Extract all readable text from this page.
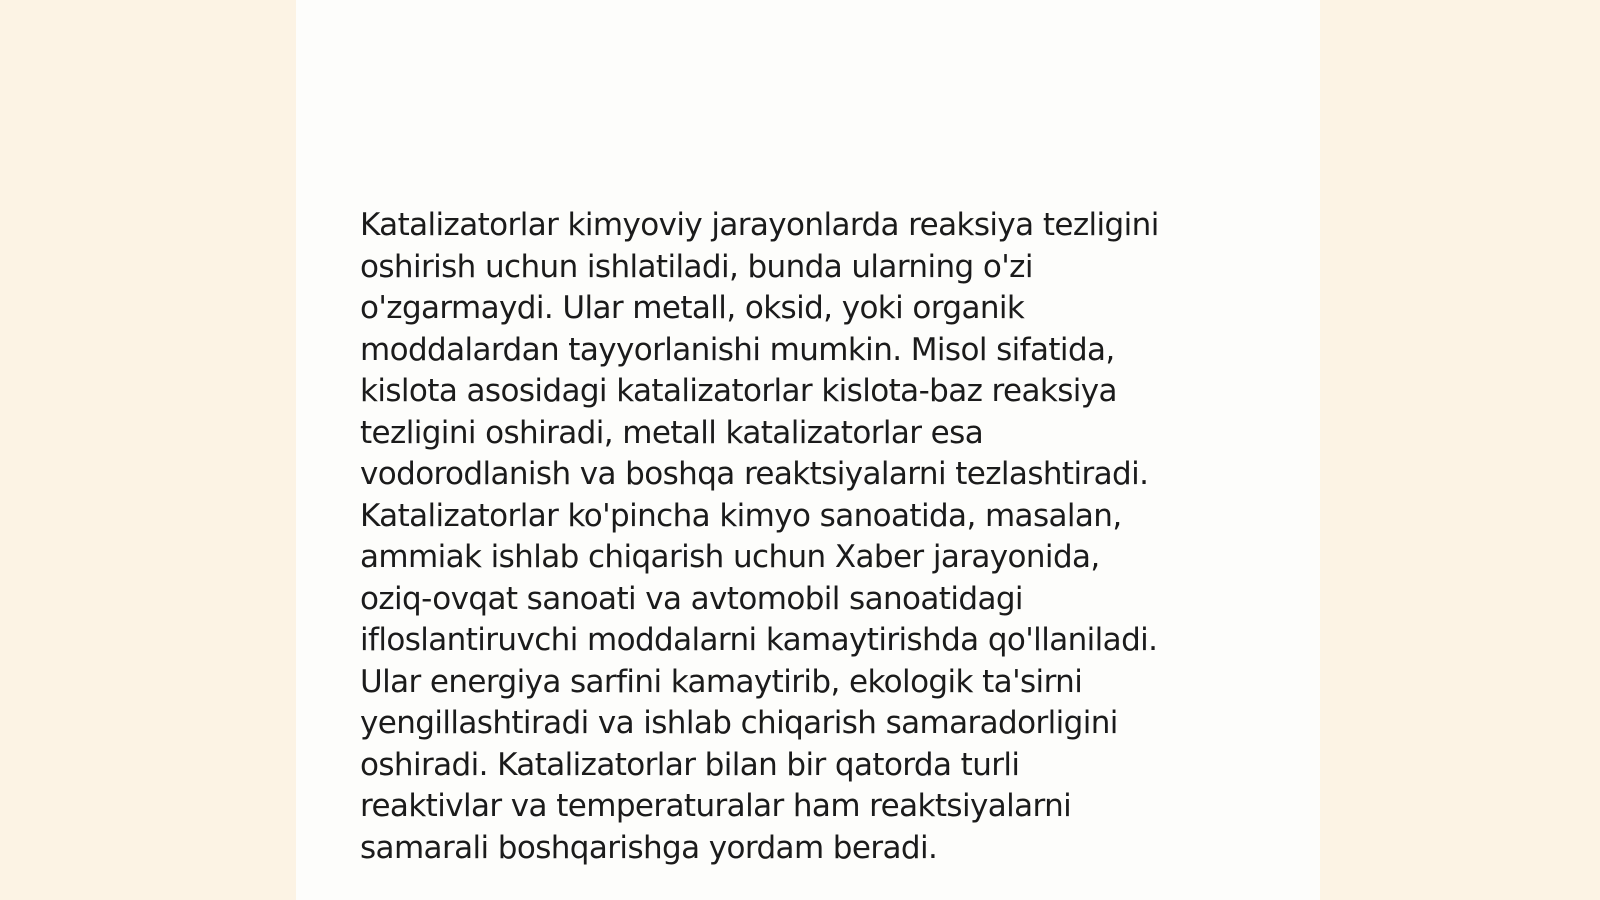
Katalizatorlar kimyoviy jarayonlarda reaksiya tezligini
oshirish uchun ishlatiladi, bunda ularning o'zi
o'zgarmaydi. Ular metall, oksid, yoki organik
moddalardan tayyorlanishi mumkin. Misol sifatida,
kislota asosidagi katalizatorlar kislota-baz reaksiya
tezligini oshiradi, metall katalizatorlar esa
vodorodlanish va boshqa reaktsiyalarni tezlashtiradi.
Katalizatorlar ko'pincha kimyo sanoatida, masalan,
ammiak ishlab chiqarish uchun Xaber jarayonida,
oziq-ovqat sanoati va avtomobil sanoatidagi
ifloslantiruvchi moddalarni kamaytirishda qo'llaniladi.
Ular energiya sarfini kamaytirib, ekologik ta'sirni
yengillashtiradi va ishlab chiqarish samaradorligini
oshiradi. Katalizatorlar bilan bir qatorda turli
reaktivlar va temperaturalar ham reaktsiyalarni
samarali boshqarishga yordam beradi.
